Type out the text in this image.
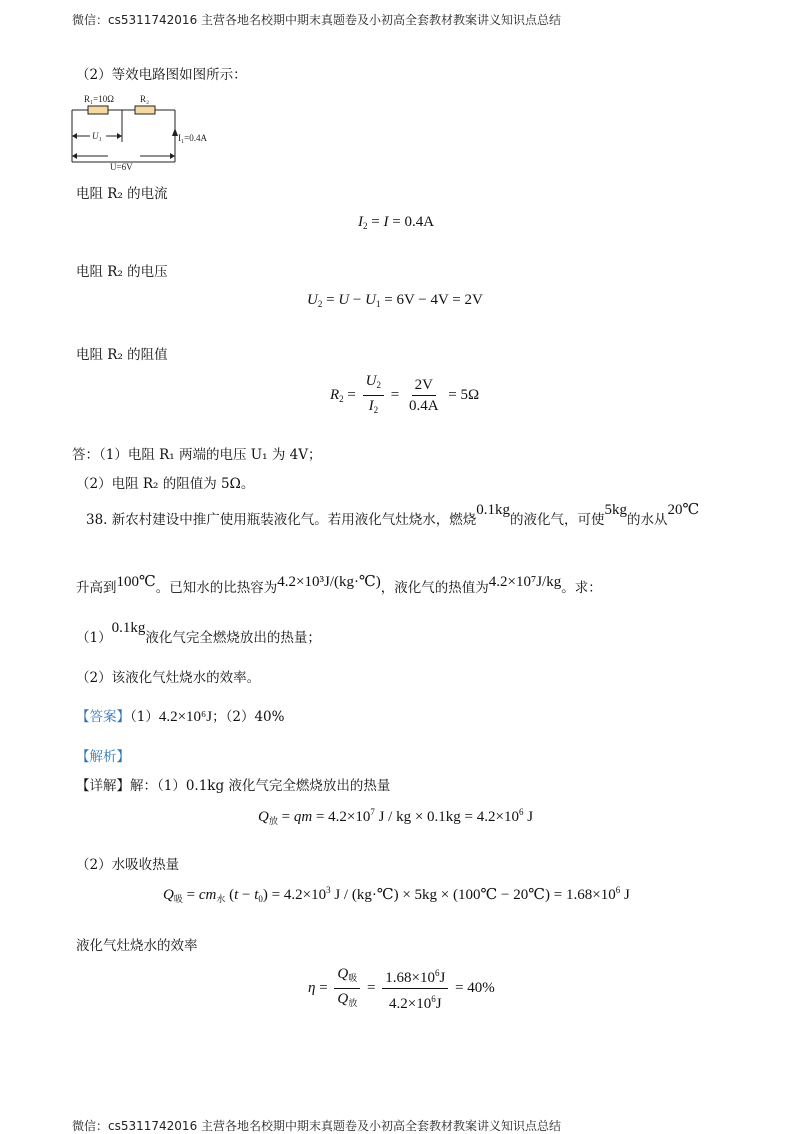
微信：cs5311742016 主营各地名校期中期末真题卷及小初高全套教材教案讲义知识点总结
（2）等效电路图如图所示：
R₁=10Ω	R₂
U₁	I₁=0.4A
U=6V
电阻 R₂ 的电流
$I_2 = I = 0.4A$
电阻 R₂ 的电压
$U_2 = U - U_1 = 6V - 4V = 2V$
电阻 R₂ 的阻值
$R_2 = \frac{U_2}{I_2} = \frac{2V}{0.4A} = 5\Omega$
答：（1）电阻 R₁ 两端的电压 U₁ 为 4V；
（2）电阻 R₂ 的阻值为 5Ω。
38. 新农村建设中推广使用瓶装液化气。若用液化气灶烧水，燃烧0.1kg的液化气，可使5kg的水从20℃
升高到100℃。已知水的比热容为4.2×10³J/(kg·℃)，液化气的热值为4.2×10⁷J/kg。求：
（1）0.1kg液化气完全燃烧放出的热量；
（2）该液化气灶烧水的效率。
【答案】（1）4.2×10⁶J；（2）40%
【解析】
【详解】解：（1）0.1kg 液化气完全燃烧放出的热量
$Q_放$ = qm = $4.2\times 10^7$ J / kg × $0.1kg = 4.2\times 10^6$ J
（2）水吸收热量
$Q_吸 = cm_水$ $(t - t_0) = 4.2\times 10^3$ J / (kg·℃) × 5kg × (100℃ − 20℃) = $1.68\times 10^6$ J
液化气灶烧水的效率
$\eta = \frac{Q_吸}{Q_放} = \frac{1.68\times 10^6J}{4.2\times 10^6J} = 40\%$
微信：cs5311742016 主营各地名校期中期末真题卷及小初高全套教材教案讲义知识点总结
